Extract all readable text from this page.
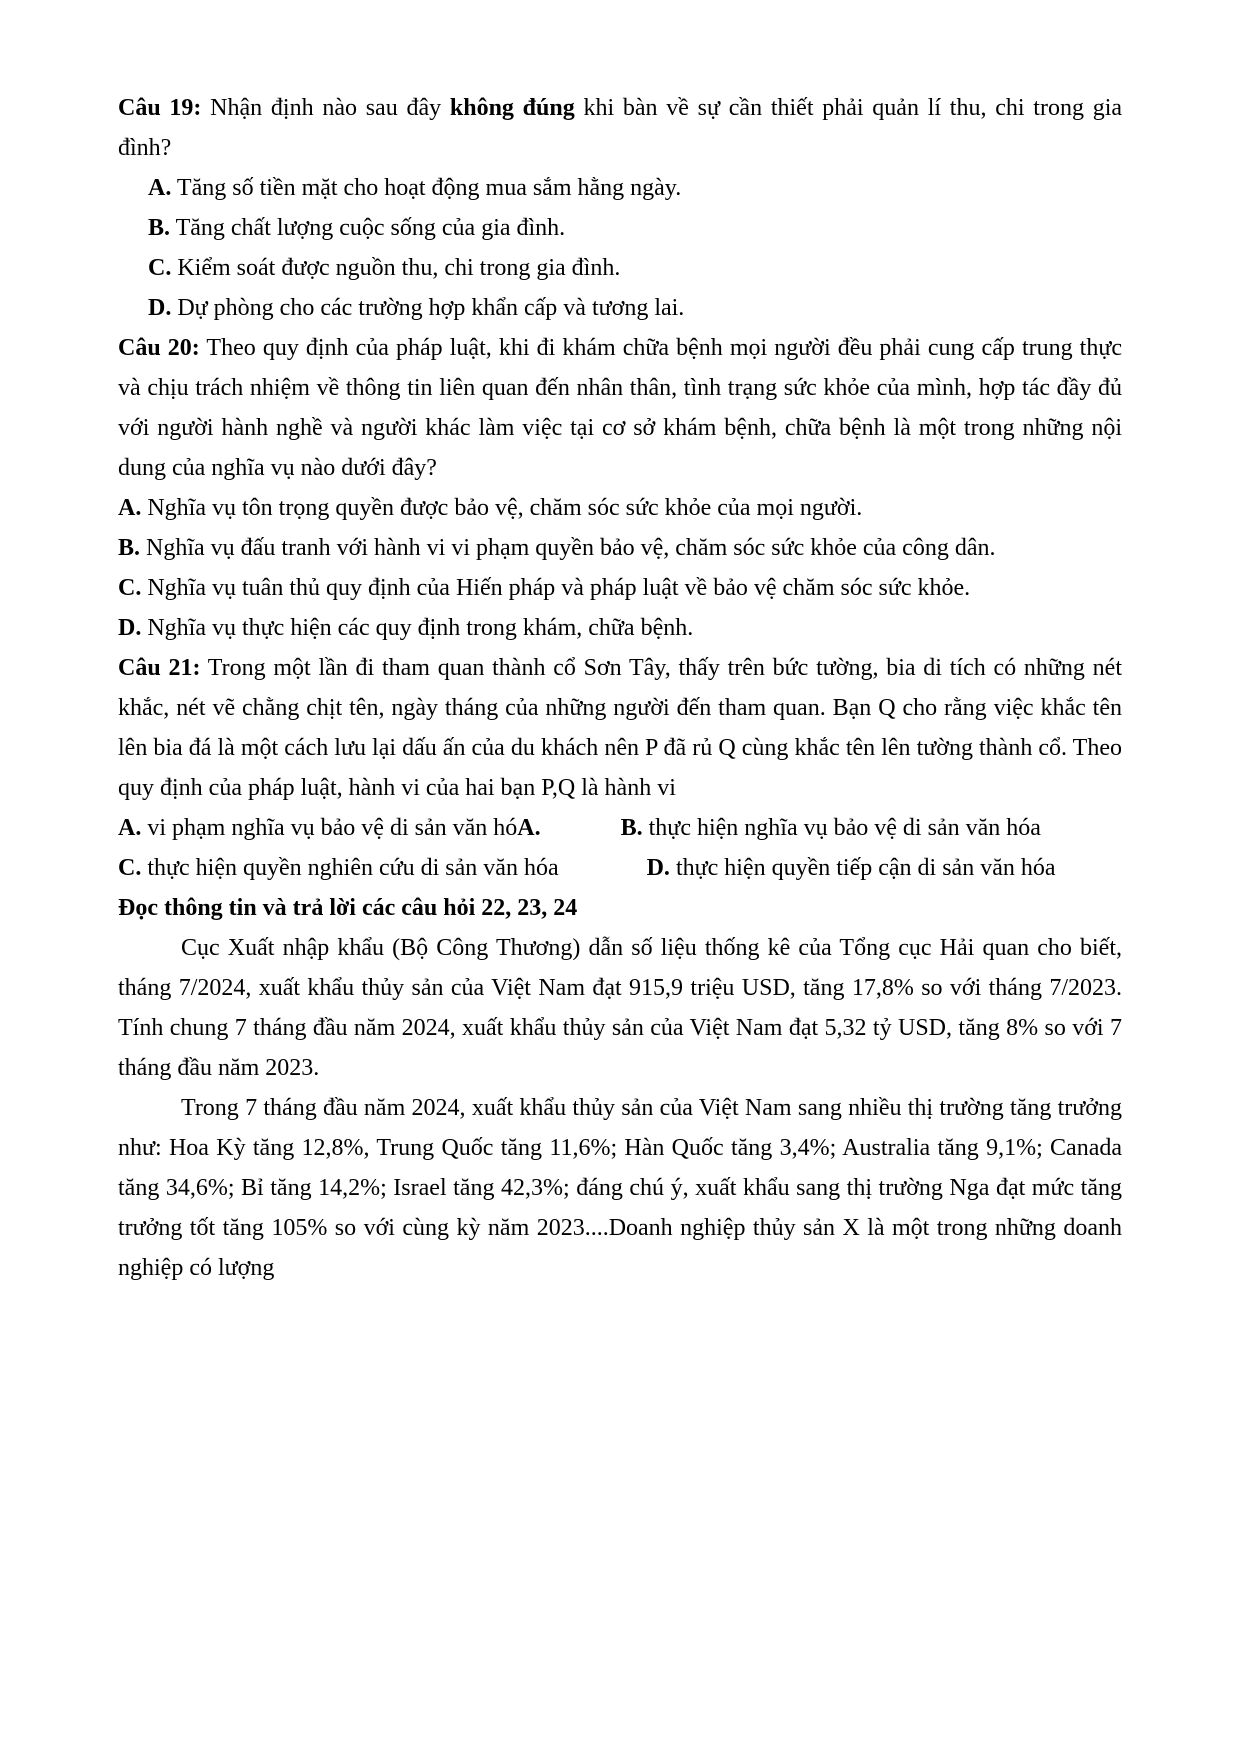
Câu 19: Nhận định nào sau đây không đúng khi bàn về sự cần thiết phải quản lí thu, chi trong gia đình?

A. Tăng số tiền mặt cho hoạt động mua sắm hằng ngày.

B. Tăng chất lượng cuộc sống của gia đình.

C. Kiểm soát được nguồn thu, chi trong gia đình.

D. Dự phòng cho các trường hợp khẩn cấp và tương lai.

Câu 20: Theo quy định của pháp luật, khi đi khám chữa bệnh mọi người đều phải cung cấp trung thực và chịu trách nhiệm về thông tin liên quan đến nhân thân, tình trạng sức khỏe của mình, hợp tác đầy đủ với người hành nghề và người khác làm việc tại cơ sở khám bệnh, chữa bệnh là một trong những nội dung của nghĩa vụ nào dưới đây?

A. Nghĩa vụ tôn trọng quyền được bảo vệ, chăm sóc sức khỏe của mọi người.

B. Nghĩa vụ đấu tranh với hành vi vi phạm quyền bảo vệ, chăm sóc sức khỏe của công dân.

C. Nghĩa vụ tuân thủ quy định của Hiến pháp và pháp luật về bảo vệ chăm sóc sức khỏe.

D. Nghĩa vụ thực hiện các quy định trong khám, chữa bệnh.

Câu 21: Trong một lần đi tham quan thành cổ Sơn Tây, thấy trên bức tường, bia di tích có những nét khắc, nét vẽ chằng chịt tên, ngày tháng của những người đến tham quan. Bạn Q cho rằng việc khắc tên lên bia đá là một cách lưu lại dấu ấn của du khách nên P đã rủ Q cùng khắc tên lên tường thành cổ. Theo quy định của pháp luật, hành vi của hai bạn P,Q là hành vi

A. vi phạm nghĩa vụ bảo vệ di sản văn hóA.	B. thực hiện nghĩa vụ bảo vệ di sản văn hóa

C. thực hiện quyền nghiên cứu di sản văn hóa	D. thực hiện quyền tiếp cận di sản văn hóa

Đọc thông tin và trả lời các câu hỏi 22, 23, 24

Cục Xuất nhập khẩu (Bộ Công Thương) dẫn số liệu thống kê của Tổng cục Hải quan cho biết, tháng 7/2024, xuất khẩu thủy sản của Việt Nam đạt 915,9 triệu USD, tăng 17,8% so với tháng 7/2023. Tính chung 7 tháng đầu năm 2024, xuất khẩu thủy sản của Việt Nam đạt 5,32 tỷ USD, tăng 8% so với 7 tháng đầu năm 2023.

Trong 7 tháng đầu năm 2024, xuất khẩu thủy sản của Việt Nam sang nhiều thị trường tăng trưởng như: Hoa Kỳ tăng 12,8%, Trung Quốc tăng 11,6%; Hàn Quốc tăng 3,4%; Australia tăng 9,1%; Canada tăng 34,6%; Bỉ tăng 14,2%; Israel tăng 42,3%; đáng chú ý, xuất khẩu sang thị trường Nga đạt mức tăng trưởng tốt tăng 105% so với cùng kỳ năm 2023....Doanh nghiệp thủy sản X là một trong những doanh nghiệp có lượng
